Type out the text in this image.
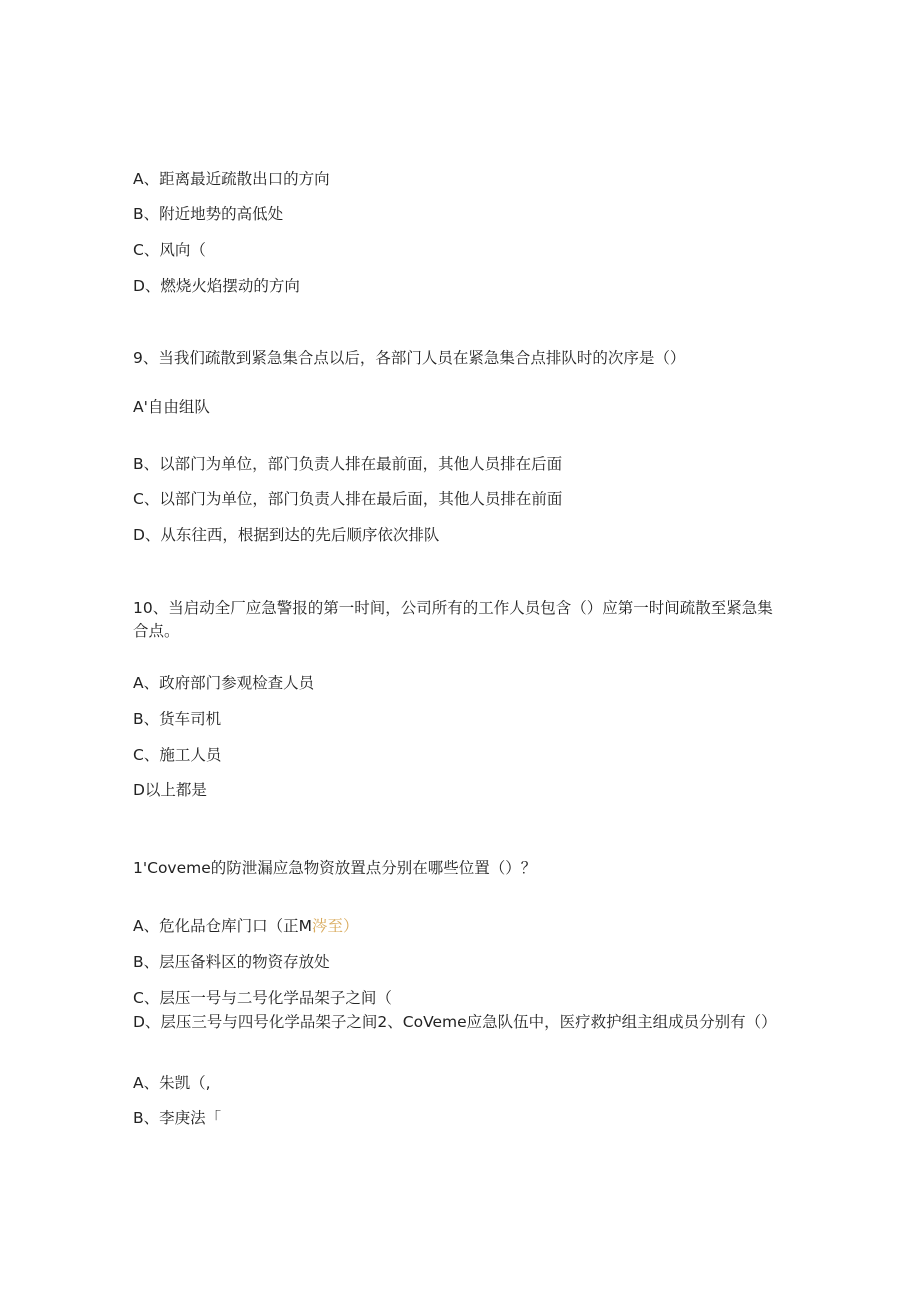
A、距离最近疏散出口的方向
B、附近地势的高低处
C、风向（
D、燃烧火焰摆动的方向
9、当我们疏散到紧急集合点以后，各部门人员在紧急集合点排队时的次序是（）
A'自由组队
B、以部门为单位，部门负责人排在最前面，其他人员排在后面
C、以部门为单位，部门负责人排在最后面，其他人员排在前面
D、从东往西，根据到达的先后顺序依次排队
10、当启动全厂应急警报的第一时间，公司所有的工作人员包含（）应第一时间疏散至紧急集合点。
A、政府部门参观检查人员
B、货车司机
C、施工人员
D以上都是
1'Coveme的防泄漏应急物资放置点分别在哪些位置（）？
A、危化品仓库门口（正M涔至）
B、层压备料区的物资存放处
C、层压一号与二号化学品架子之间（
D、层压三号与四号化学品架子之间2、CoVeme应急队伍中，医疗救护组主组成员分别有（）
A、朱凯（,
B、李庚法「
